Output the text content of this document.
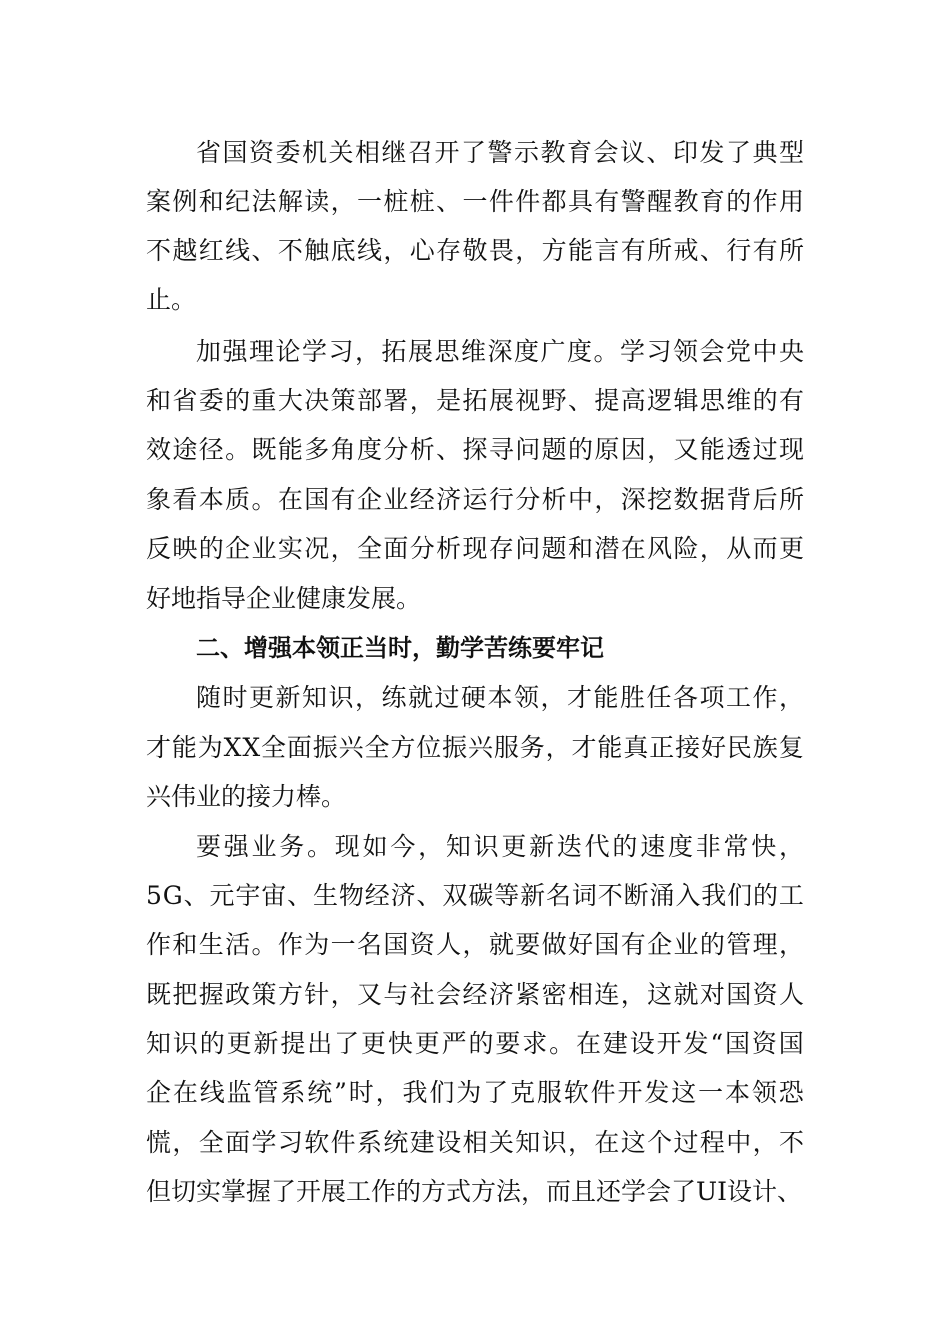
省国资委机关相继召开了警示教育会议、印发了典型
案例和纪法解读，一桩桩、一件件都具有警醒教育的作用
不越红线、不触底线，心存敬畏，方能言有所戒、行有所
止。
加强理论学习，拓展思维深度广度。学习领会党中央
和省委的重大决策部署，是拓展视野、提高逻辑思维的有
效途径。既能多角度分析、探寻问题的原因，又能透过现
象看本质。在国有企业经济运行分析中，深挖数据背后所
反映的企业实况，全面分析现存问题和潜在风险，从而更
好地指导企业健康发展。
二、增强本领正当时，勤学苦练要牢记
随时更新知识，练就过硬本领，才能胜任各项工作，
才能为XX全面振兴全方位振兴服务，才能真正接好民族复
兴伟业的接力棒。
要强业务。现如今，知识更新迭代的速度非常快，
5G、元宇宙、生物经济、双碳等新名词不断涌入我们的工
作和生活。作为一名国资人，就要做好国有企业的管理，
既把握政策方针，又与社会经济紧密相连，这就对国资人
知识的更新提出了更快更严的要求。在建设开发“国资国
企在线监管系统”时，我们为了克服软件开发这一本领恐
慌，全面学习软件系统建设相关知识，在这个过程中，不
但切实掌握了开展工作的方式方法，而且还学会了UI设计、
